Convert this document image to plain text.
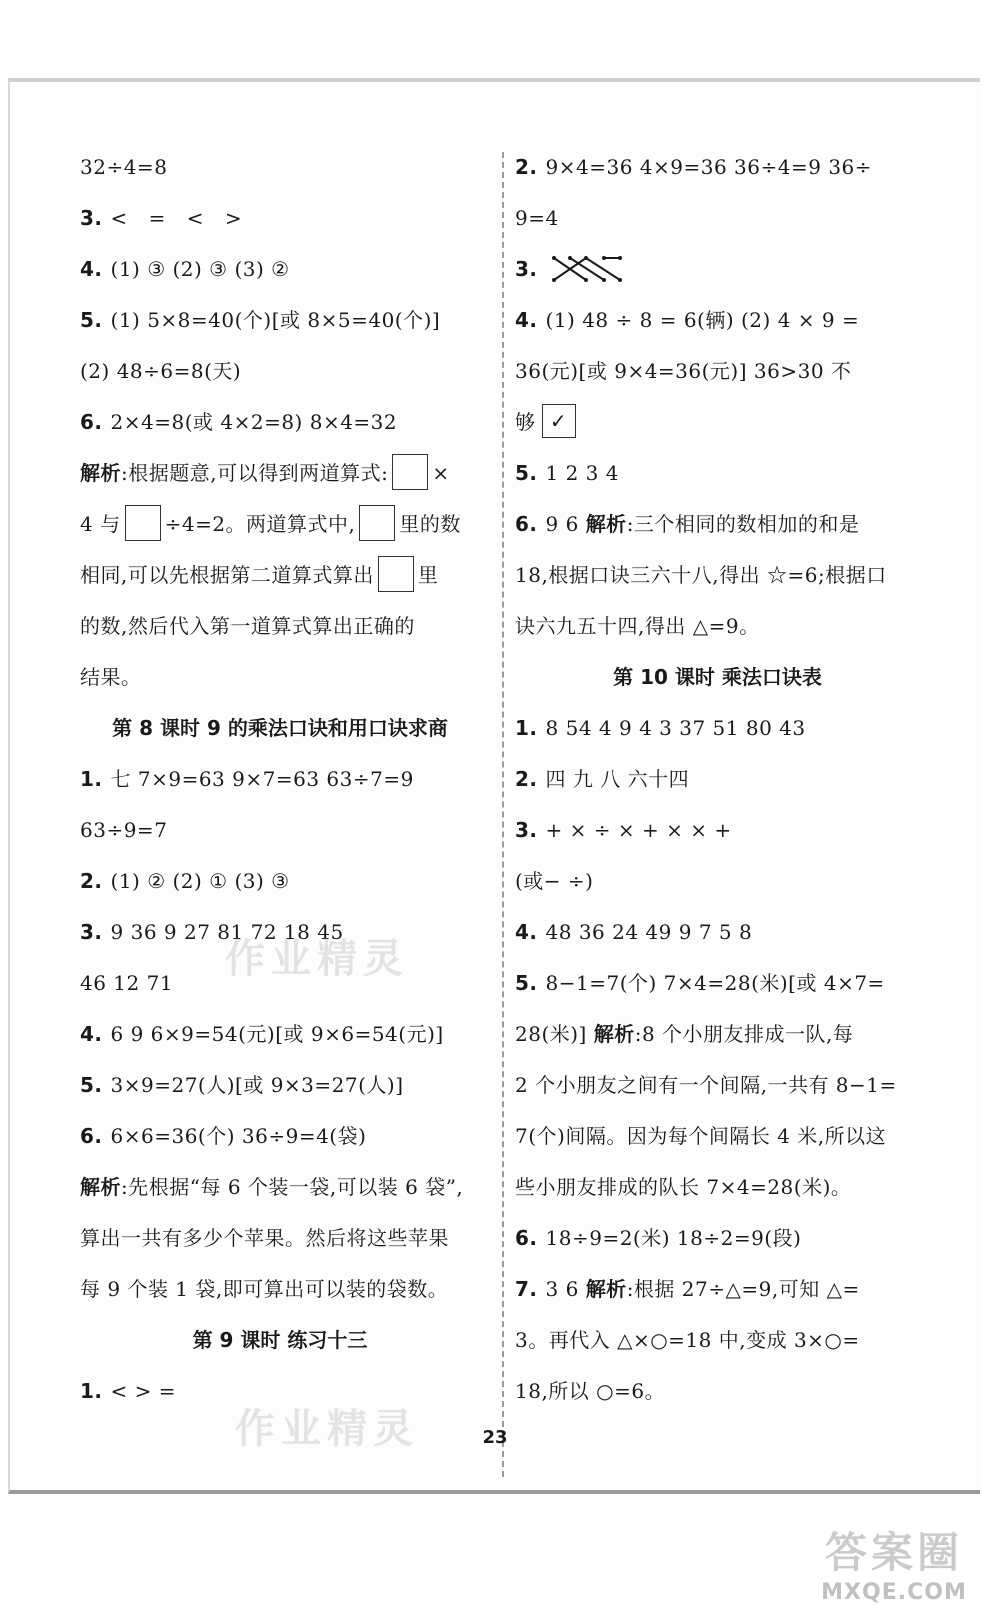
32÷4=8
3. < = < >
4. (1) ③ (2) ③ (3) ②
5. (1) 5×8=40(个)[或 8×5=40(个)]
(2) 48÷6=8(天)
6. 2×4=8(或 4×2=8) 8×4=32
解析:根据题意,可以得到两道算式: ×
4 与 ÷4=2。两道算式中, 里的数
相同,可以先根据第二道算式算出 里
的数,然后代入第一道算式算出正确的
结果。
第 8 课时 9 的乘法口诀和用口诀求商
1. 七 7×9=63 9×7=63 63÷7=9
63÷9=7
2. (1) ② (2) ① (3) ③
3. 9 36 9 27 81 72 18 45
46 12 71
4. 6 9 6×9=54(元)[或 9×6=54(元)]
5. 3×9=27(人)[或 9×3=27(人)]
6. 6×6=36(个) 36÷9=4(袋)
解析:先根据“每 6 个装一袋,可以装 6 袋”,
算出一共有多少个苹果。然后将这些苹果
每 9 个装 1 袋,即可算出可以装的袋数。
第 9 课时 练习十三
1. < > =
2. 9×4=36 4×9=36 36÷4=9 36÷
9=4
3.
4. (1) 48 ÷ 8 = 6(辆) (2) 4 × 9 =
36(元)[或 9×4=36(元)] 36>30 不
够 ✓
5. 1 2 3 4
6. 9 6 解析:三个相同的数相加的和是
18,根据口诀三六十八,得出 ☆=6;根据口
诀六九五十四,得出 △=9。
第 10 课时 乘法口诀表
1. 8 54 4 9 4 3 37 51 80 43
2. 四 九 八 六十四
3. + × ÷ × + × × +
(或− ÷)
4. 48 36 24 49 9 7 5 8
5. 8−1=7(个) 7×4=28(米)[或 4×7=
28(米)] 解析:8 个小朋友排成一队,每
2 个小朋友之间有一个间隔,一共有 8−1=
7(个)间隔。因为每个间隔长 4 米,所以这
些小朋友排成的队长 7×4=28(米)。
6. 18÷9=2(米) 18÷2=9(段)
7. 3 6 解析:根据 27÷△=9,可知 △=
3。再代入 △×○=18 中,变成 3×○=
18,所以 ○=6。
23
作业精灵
作业精灵
答案圈
MXQE.COM
